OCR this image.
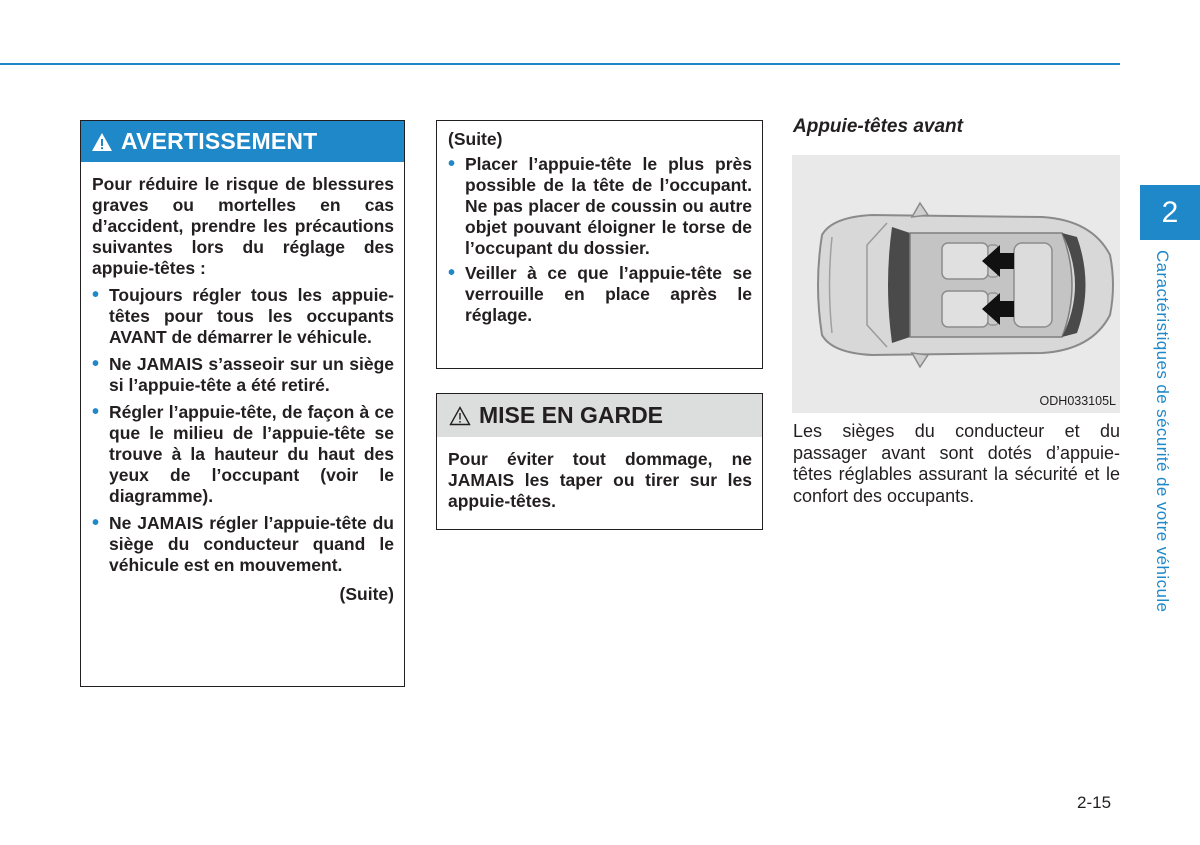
AVERTISSEMENT

Pour réduire le risque de blessures graves ou mortelles en cas d’accident, prendre les précautions suivantes lors du réglage des appuie-têtes :

• Toujours régler tous les appuie-têtes pour tous les occupants AVANT de démarrer le véhicule.
• Ne JAMAIS s’asseoir sur un siège si l’appuie-tête a été retiré.
• Régler l’appuie-tête, de façon à ce que le milieu de l’appuie-tête se trouve à la hauteur du haut des yeux de l’occupant (voir le diagramme).
• Ne JAMAIS régler l’appuie-tête du siège du conducteur quand le véhicule est en mouvement.
(Suite)
(Suite)
• Placer l’appuie-tête le plus près possible de la tête de l’occupant. Ne pas placer de coussin ou autre objet pouvant éloigner le torse de l’occupant du dossier.
• Veiller à ce que l’appuie-tête se verrouille en place après le réglage.
MISE EN GARDE
Pour éviter tout dommage, ne JAMAIS les taper ou tirer sur les appuie-têtes.
Appuie-têtes avant
ODH033105L
Les sièges du conducteur et du passager avant sont dotés d’appuie-têtes réglables assurant la sécurité et le confort des occupants.
2
Caractéristiques de sécurité de votre véhicule
2-15
